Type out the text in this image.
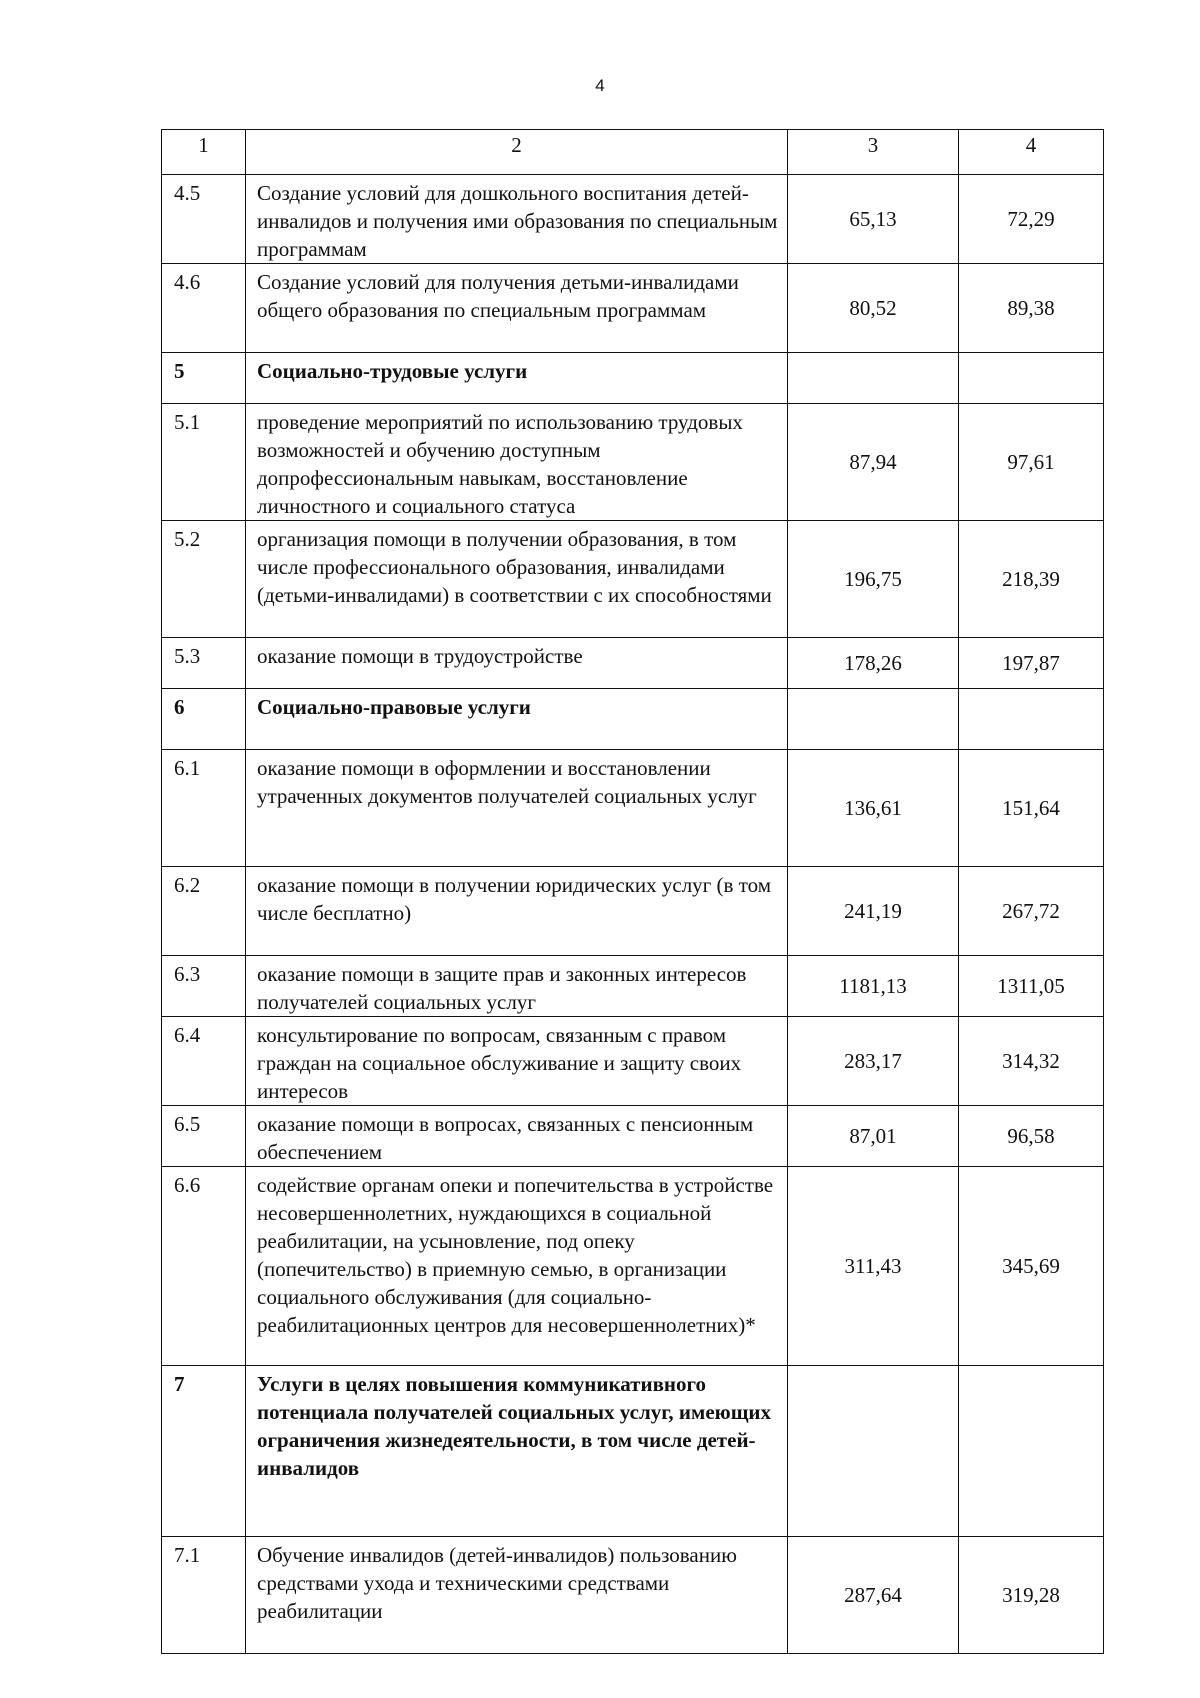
4
1	2	3	4
4.5	Создание условий для дошкольного воспитания детей-инвалидов и получения ими образования по специальным программам	65,13	72,29
4.6	Создание условий для получения детьми-инвалидами общего образования по специальным программам	80,52	89,38
5	Социально-трудовые услуги		
5.1	проведение мероприятий по использованию трудовых возможностей и обучению доступным допрофессиональным навыкам, восстановление личностного и социального статуса	87,94	97,61
5.2	организация помощи в получении образования, в том числе профессионального образования, инвалидами (детьми-инвалидами) в соответствии с их способностями	196,75	218,39
5.3	оказание помощи в трудоустройстве	178,26	197,87
6	Социально-правовые услуги		
6.1	оказание помощи в оформлении и восстановлении утраченных документов получателей социальных услуг	136,61	151,64
6.2	оказание помощи в получении юридических услуг (в том числе бесплатно)	241,19	267,72
6.3	оказание помощи в защите прав и законных интересов получателей социальных услуг	1181,13	1311,05
6.4	консультирование по вопросам, связанным с правом граждан на социальное обслуживание и защиту своих интересов	283,17	314,32
6.5	оказание помощи в вопросах, связанных с пенсионным обеспечением	87,01	96,58
6.6	содействие органам опеки и попечительства в устройстве несовершеннолетних, нуждающихся в социальной реабилитации, на усыновление, под опеку (попечительство) в приемную семью, в организации социального обслуживания (для социально-реабилитационных центров для несовершеннолетних)*	311,43	345,69
7	Услуги в целях повышения коммуникативного потенциала получателей социальных услуг, имеющих ограничения жизнедеятельности, в том числе детей-инвалидов		
7.1	Обучение инвалидов (детей-инвалидов) пользованию средствами ухода и техническими средствами реабилитации	287,64	319,28
